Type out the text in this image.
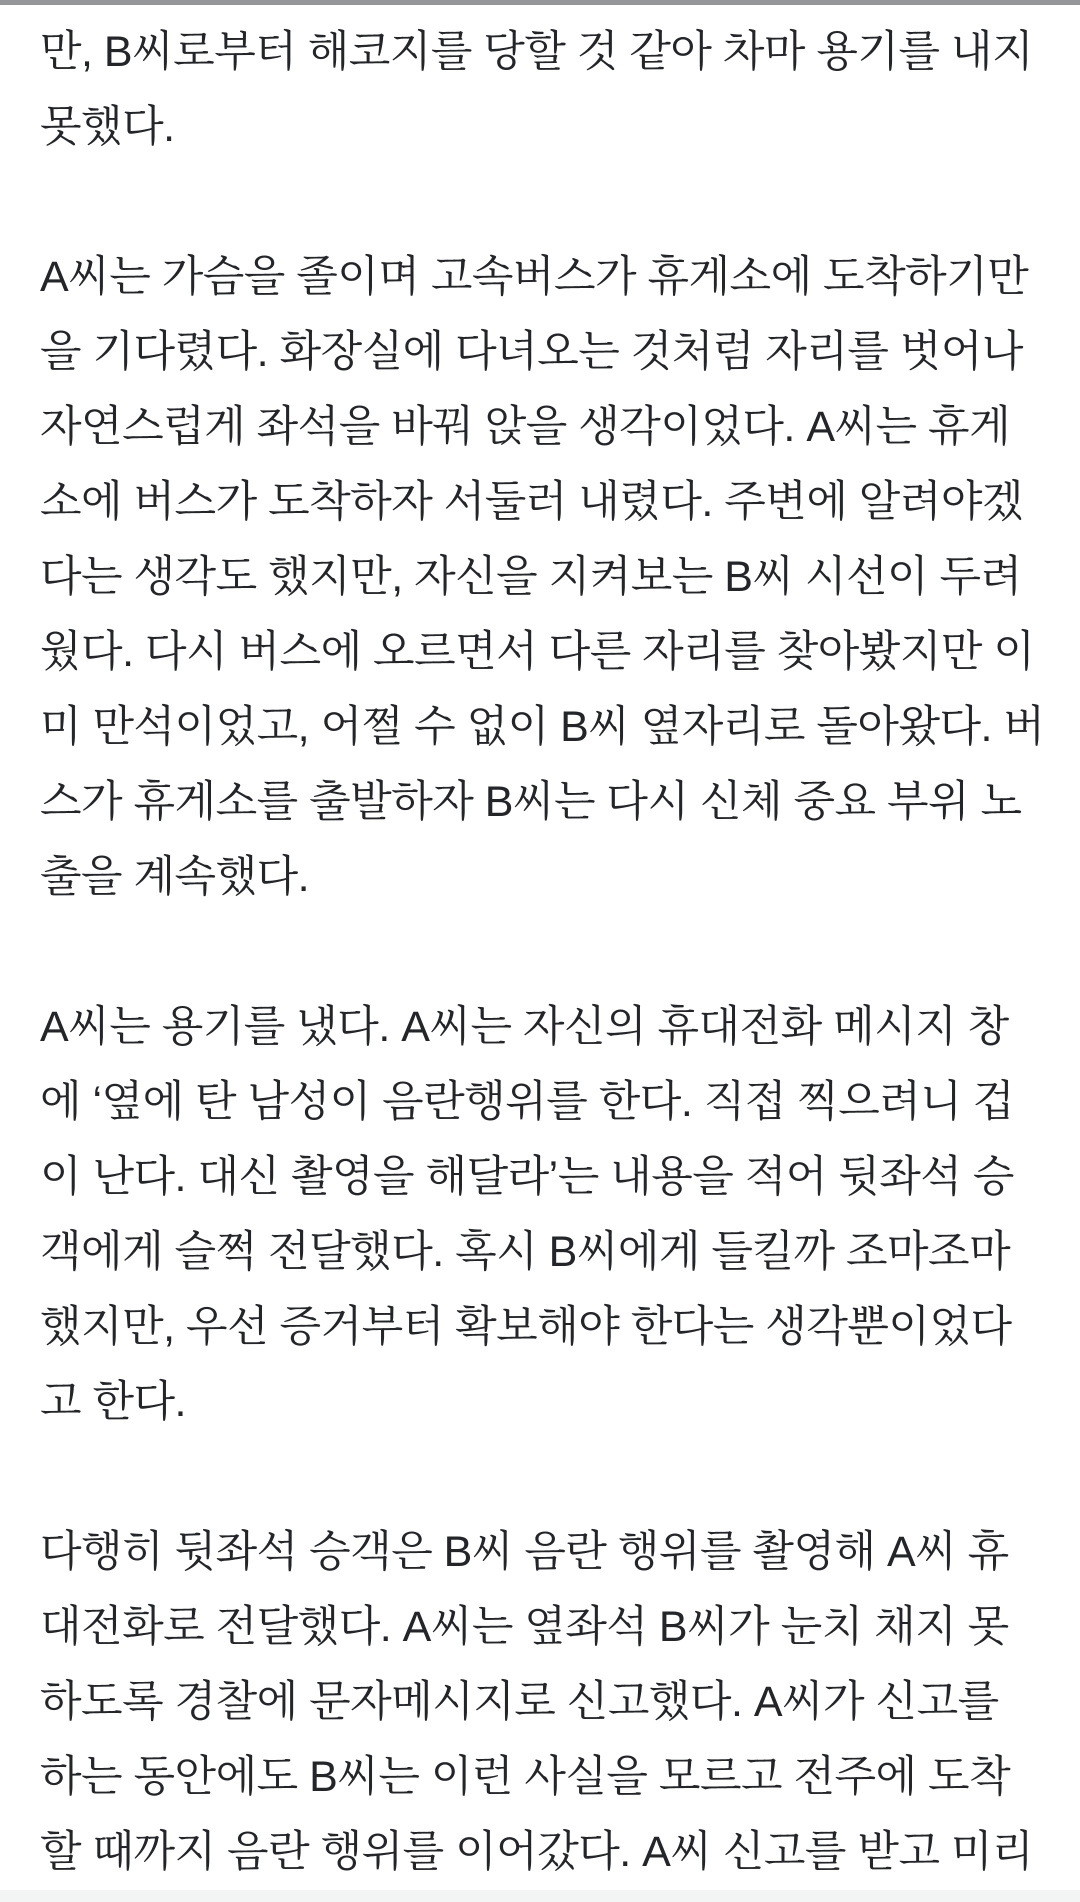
만, B씨로부터 해코지를 당할 것 같아 차마 용기를 내지
못했다.
A씨는 가슴을 졸이며 고속버스가 휴게소에 도착하기만
을 기다렸다. 화장실에 다녀오는 것처럼 자리를 벗어나
자연스럽게 좌석을 바꿔 앉을 생각이었다. A씨는 휴게
소에 버스가 도착하자 서둘러 내렸다. 주변에 알려야겠
다는 생각도 했지만, 자신을 지켜보는 B씨 시선이 두려
웠다. 다시 버스에 오르면서 다른 자리를 찾아봤지만 이
미 만석이었고, 어쩔 수 없이 B씨 옆자리로 돌아왔다. 버
스가 휴게소를 출발하자 B씨는 다시 신체 중요 부위 노
출을 계속했다.
A씨는 용기를 냈다. A씨는 자신의 휴대전화 메시지 창
에 ‘옆에 탄 남성이 음란행위를 한다. 직접 찍으려니 겁
이 난다. 대신 촬영을 해달라’는 내용을 적어 뒷좌석 승
객에게 슬쩍 전달했다. 혹시 B씨에게 들킬까 조마조마
했지만, 우선 증거부터 확보해야 한다는 생각뿐이었다
고 한다.
다행히 뒷좌석 승객은 B씨 음란 행위를 촬영해 A씨 휴
대전화로 전달했다. A씨는 옆좌석 B씨가 눈치 채지 못
하도록 경찰에 문자메시지로 신고했다. A씨가 신고를
하는 동안에도 B씨는 이런 사실을 모르고 전주에 도착
할 때까지 음란 행위를 이어갔다. A씨 신고를 받고 미리
